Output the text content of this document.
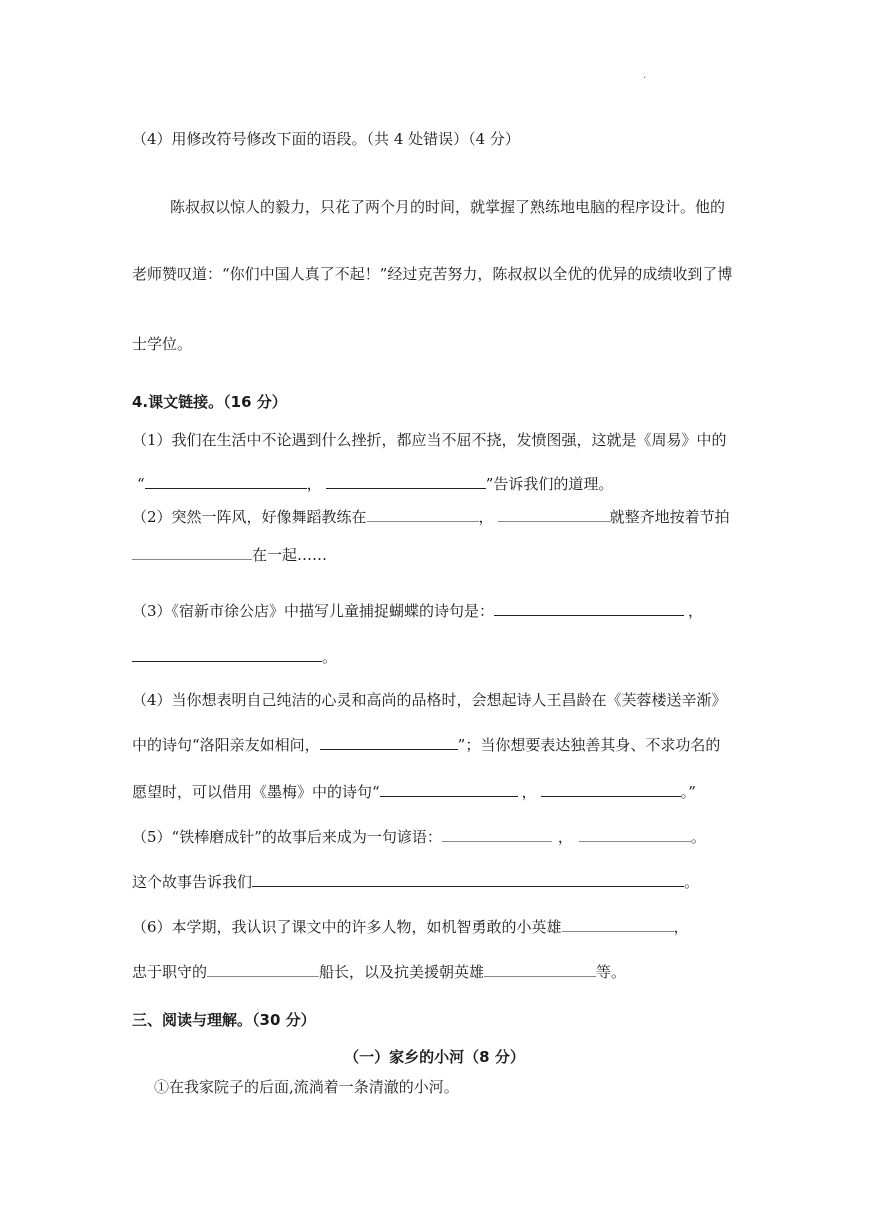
.
（4）用修改符号修改下面的语段。（共 4 处错误）（4 分）
陈叔叔以惊人的毅力，只花了两个月的时间，就掌握了熟练地电脑的程序设计。他的
老师赞叹道：“你们中国人真了不起！”经过克苦努力，陈叔叔以全优的优异的成绩收到了博
士学位。
4.课文链接。（16 分）
（1）我们在生活中不论遇到什么挫折，都应当不屈不挠，发愤图强，这就是《周易》中的
“	，	”告诉我们的道理。
（2）突然一阵风，好像舞蹈教练在	，	就整齐地按着节拍
在一起……
（3）《宿新市徐公店》中描写儿童捕捉蝴蝶的诗句是：	，
。
（4）当你想表明自己纯洁的心灵和高尚的品格时，会想起诗人王昌龄在《芙蓉楼送辛渐》
中的诗句“洛阳亲友如相问，	”；当你想要表达独善其身、不求功名的
愿望时，可以借用《墨梅》中的诗句“	，	。”
（5）“铁棒磨成针”的故事后来成为一句谚语：	，	。
这个故事告诉我们	。
（6）本学期，我认识了课文中的许多人物，如机智勇敢的小英雄	，
忠于职守的	船长，以及抗美援朝英雄	等。
三、阅读与理解。（30 分）
（一）家乡的小河（8 分）
①在我家院子的后面,流淌着一条清澈的小河。
